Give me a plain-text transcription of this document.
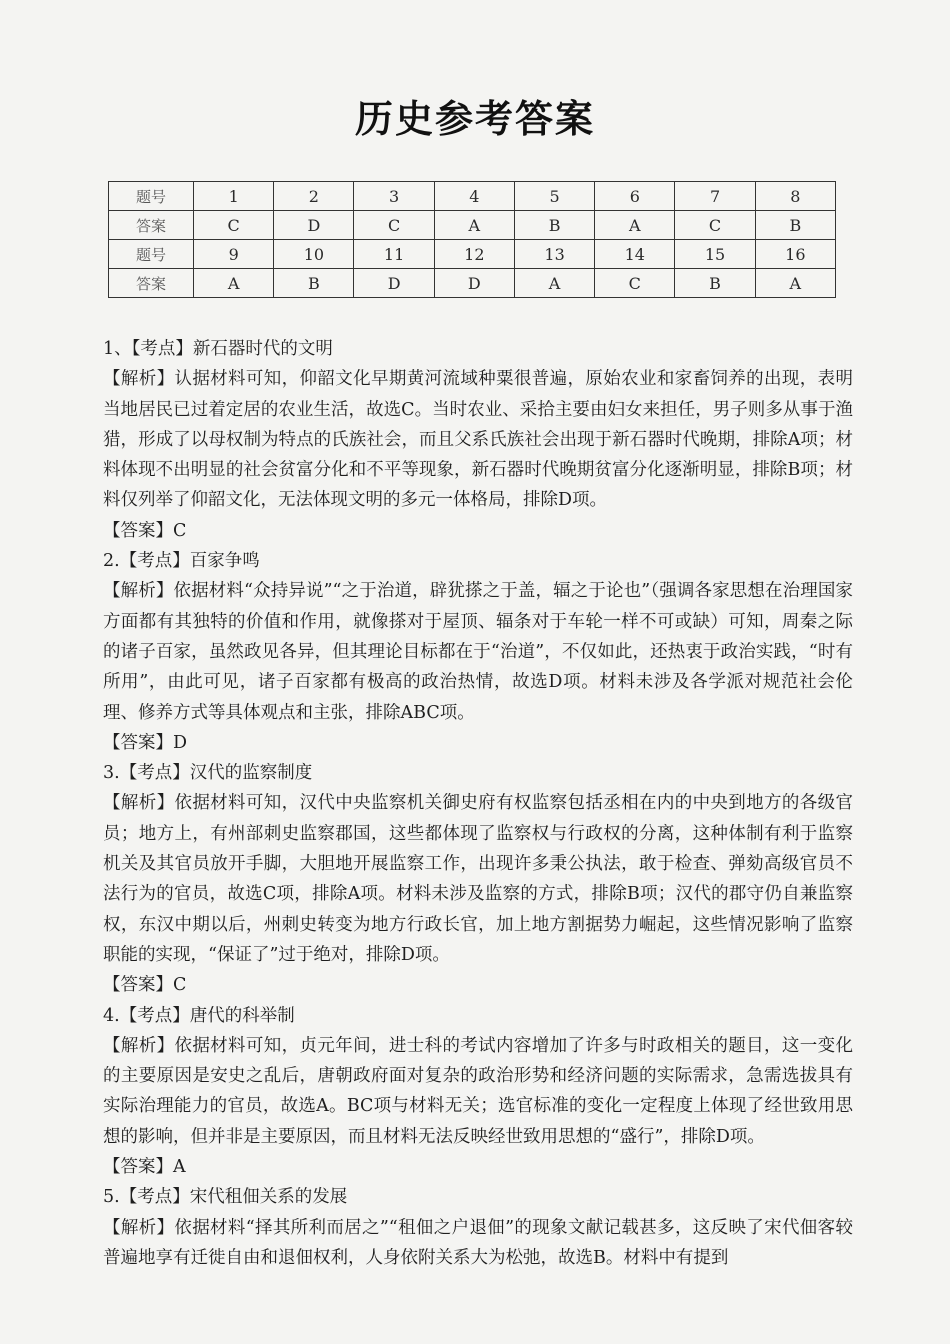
历史参考答案
题号	1	2	3	4	5	6	7	8
答案	C	D	C	A	B	A	C	B
题号	9	10	11	12	13	14	15	16
答案	A	B	D	D	A	C	B	A
1、【考点】新石器时代的文明
【解析】认据材料可知，仰韶文化早期黄河流域种粟很普遍，原始农业和家畜饲养的出现，表明当地居民已过着定居的农业生活，故选C。当时农业、采拾主要由妇女来担任，男子则多从事于渔猎，形成了以母权制为特点的氏族社会，而且父系氏族社会出现于新石器时代晚期，排除A项；材料体现不出明显的社会贫富分化和不平等现象，新石器时代晚期贫富分化逐渐明显，排除B项；材料仅列举了仰韶文化，无法体现文明的多元一体格局，排除D项。
【答案】C
2.【考点】百家争鸣
【解析】依据材料“众持异说”“之于治道，辟犹搽之于盖，辐之于论也”（强调各家思想在治理国家方面都有其独特的价值和作用，就像搽对于屋顶、辐条对于车轮一样不可或缺）可知，周秦之际的诸子百家，虽然政见各异，但其理论目标都在于“治道”，不仅如此，还热衷于政治实践，“时有所用”，由此可见，诸子百家都有极高的政治热情，故选D项。材料未涉及各学派对规范社会伦理、修养方式等具体观点和主张，排除ABC项。
【答案】D
3.【考点】汉代的监察制度
【解析】依据材料可知，汉代中央监察机关御史府有权监察包括丞相在内的中央到地方的各级官员；地方上，有州部刺史监察郡国，这些都体现了监察权与行政权的分离，这种体制有利于监察机关及其官员放开手脚，大胆地开展监察工作，出现许多秉公执法，敢于检查、弹劾高级官员不法行为的官员，故选C项，排除A项。材料未涉及监察的方式，排除B项；汉代的郡守仍自兼监察权，东汉中期以后，州刺史转变为地方行政长官，加上地方割据势力崛起，这些情况影响了监察职能的实现，“保证了”过于绝对，排除D项。
【答案】C
4.【考点】唐代的科举制
【解析】依据材料可知，贞元年间，进士科的考试内容增加了许多与时政相关的题目，这一变化的主要原因是安史之乱后，唐朝政府面对复杂的政治形势和经济问题的实际需求，急需选拔具有实际治理能力的官员，故选A。BC项与材料无关；选官标准的变化一定程度上体现了经世致用思想的影响，但并非是主要原因，而且材料无法反映经世致用思想的“盛行”，排除D项。
【答案】A
5.【考点】宋代租佃关系的发展
【解析】依据材料“择其所利而居之”“租佃之户退佃”的现象文献记载甚多，这反映了宋代佃客较普遍地享有迁徙自由和退佃权利，人身依附关系大为松弛，故选B。材料中有提到
